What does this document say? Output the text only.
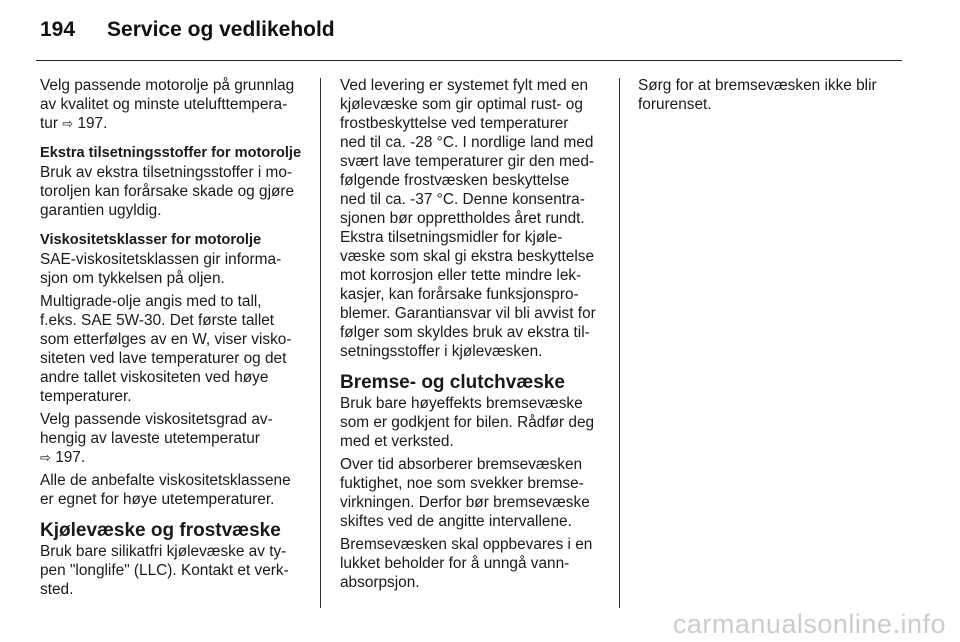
194 Service og vedlikehold
Velg passende motorolje på grunnlag
av kvalitet og minste utelufttempera-
tur ⇨ 197.
Ekstra tilsetningsstoffer for motorolje
Bruk av ekstra tilsetningsstoffer i mo-
toroljen kan forårsake skade og gjøre
garantien ugyldig.
Viskositetsklasser for motorolje
SAE-viskositetsklassen gir informa-
sjon om tykkelsen på oljen.
Multigrade-olje angis med to tall,
f.eks. SAE 5W-30. Det første tallet
som etterfølges av en W, viser visko-
siteten ved lave temperaturer og det
andre tallet viskositeten ved høye
temperaturer.
Velg passende viskositetsgrad av-
hengig av laveste utetemperatur
⇨ 197.
Alle de anbefalte viskositetsklassene
er egnet for høye utetemperaturer.
Kjølevæske og frostvæske
Bruk bare silikatfri kjølevæske av ty-
pen "longlife" (LLC). Kontakt et verk-
sted.
Ved levering er systemet fylt med en
kjølevæske som gir optimal rust- og
frostbeskyttelse ved temperaturer
ned til ca. -28 °C. I nordlige land med
svært lave temperaturer gir den med-
følgende frostvæsken beskyttelse
ned til ca. -37 °C. Denne konsentra-
sjonen bør opprettholdes året rundt.
Ekstra tilsetningsmidler for kjøle-
væske som skal gi ekstra beskyttelse
mot korrosjon eller tette mindre lek-
kasjer, kan forårsake funksjonspro-
blemer. Garantiansvar vil bli avvist for
følger som skyldes bruk av ekstra til-
setningsstoffer i kjølevæsken.
Bremse- og clutchvæske
Bruk bare høyeffekts bremsevæske
som er godkjent for bilen. Rådfør deg
med et verksted.
Over tid absorberer bremsevæsken
fuktighet, noe som svekker bremse-
virkningen. Derfor bør bremsevæske
skiftes ved de angitte intervallene.
Bremsevæsken skal oppbevares i en
lukket beholder for å unngå vann-
absorpsjon.
Sørg for at bremsevæsken ikke blir
forurenset.
carmanualsonline.info
